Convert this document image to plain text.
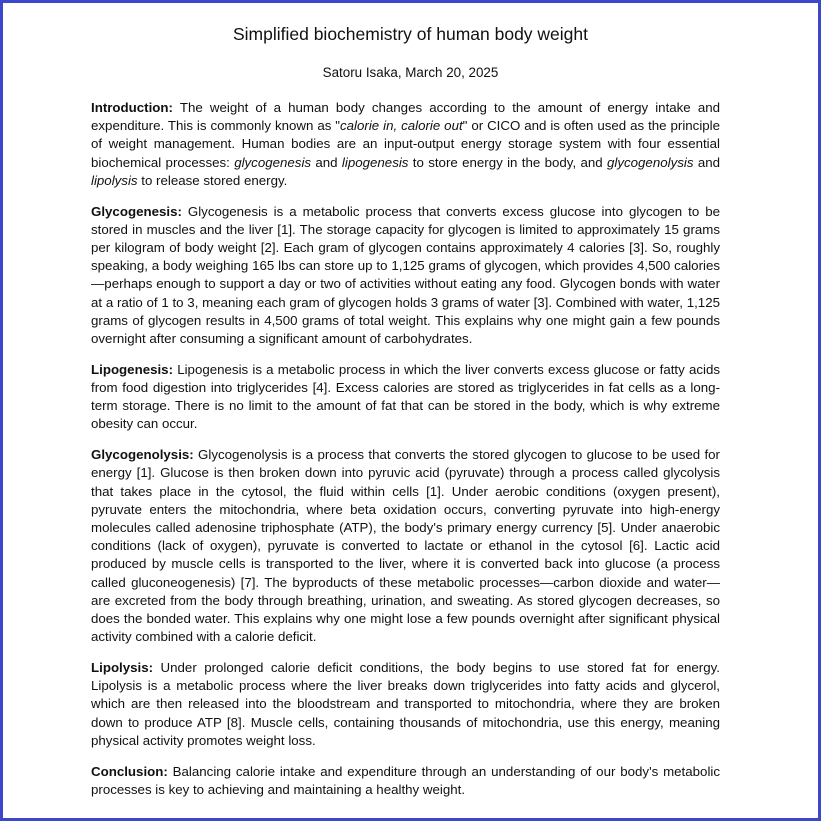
Simplified biochemistry of human body weight

Satoru Isaka, March 20, 2025

Introduction: The weight of a human body changes according to the amount of energy intake and expenditure. This is commonly known as "calorie in, calorie out" or CICO and is often used as the principle of weight management. Human bodies are an input-output energy storage system with four essential biochemical processes: glycogenesis and lipogenesis to store energy in the body, and glycogenolysis and lipolysis to release stored energy.

Glycogenesis: Glycogenesis is a metabolic process that converts excess glucose into glycogen to be stored in muscles and the liver [1]. The storage capacity for glycogen is limited to approximately 15 grams per kilogram of body weight [2]. Each gram of glycogen contains approximately 4 calories [3]. So, roughly speaking, a body weighing 165 lbs can store up to 1,125 grams of glycogen, which provides 4,500 calories—perhaps enough to support a day or two of activities without eating any food. Glycogen bonds with water at a ratio of 1 to 3, meaning each gram of glycogen holds 3 grams of water [3]. Combined with water, 1,125 grams of glycogen results in 4,500 grams of total weight. This explains why one might gain a few pounds overnight after consuming a significant amount of carbohydrates.

Lipogenesis: Lipogenesis is a metabolic process in which the liver converts excess glucose or fatty acids from food digestion into triglycerides [4]. Excess calories are stored as triglycerides in fat cells as a long-term storage. There is no limit to the amount of fat that can be stored in the body, which is why extreme obesity can occur.

Glycogenolysis: Glycogenolysis is a process that converts the stored glycogen to glucose to be used for energy [1]. Glucose is then broken down into pyruvic acid (pyruvate) through a process called glycolysis that takes place in the cytosol, the fluid within cells [1]. Under aerobic conditions (oxygen present), pyruvate enters the mitochondria, where beta oxidation occurs, converting pyruvate into high-energy molecules called adenosine triphosphate (ATP), the body's primary energy currency [5]. Under anaerobic conditions (lack of oxygen), pyruvate is converted to lactate or ethanol in the cytosol [6]. Lactic acid produced by muscle cells is transported to the liver, where it is converted back into glucose (a process called gluconeogenesis) [7]. The byproducts of these metabolic processes—carbon dioxide and water—are excreted from the body through breathing, urination, and sweating. As stored glycogen decreases, so does the bonded water. This explains why one might lose a few pounds overnight after significant physical activity combined with a calorie deficit.

Lipolysis: Under prolonged calorie deficit conditions, the body begins to use stored fat for energy. Lipolysis is a metabolic process where the liver breaks down triglycerides into fatty acids and glycerol, which are then released into the bloodstream and transported to mitochondria, where they are broken down to produce ATP [8]. Muscle cells, containing thousands of mitochondria, use this energy, meaning physical activity promotes weight loss.

Conclusion: Balancing calorie intake and expenditure through an understanding of our body's metabolic processes is key to achieving and maintaining a healthy weight.
